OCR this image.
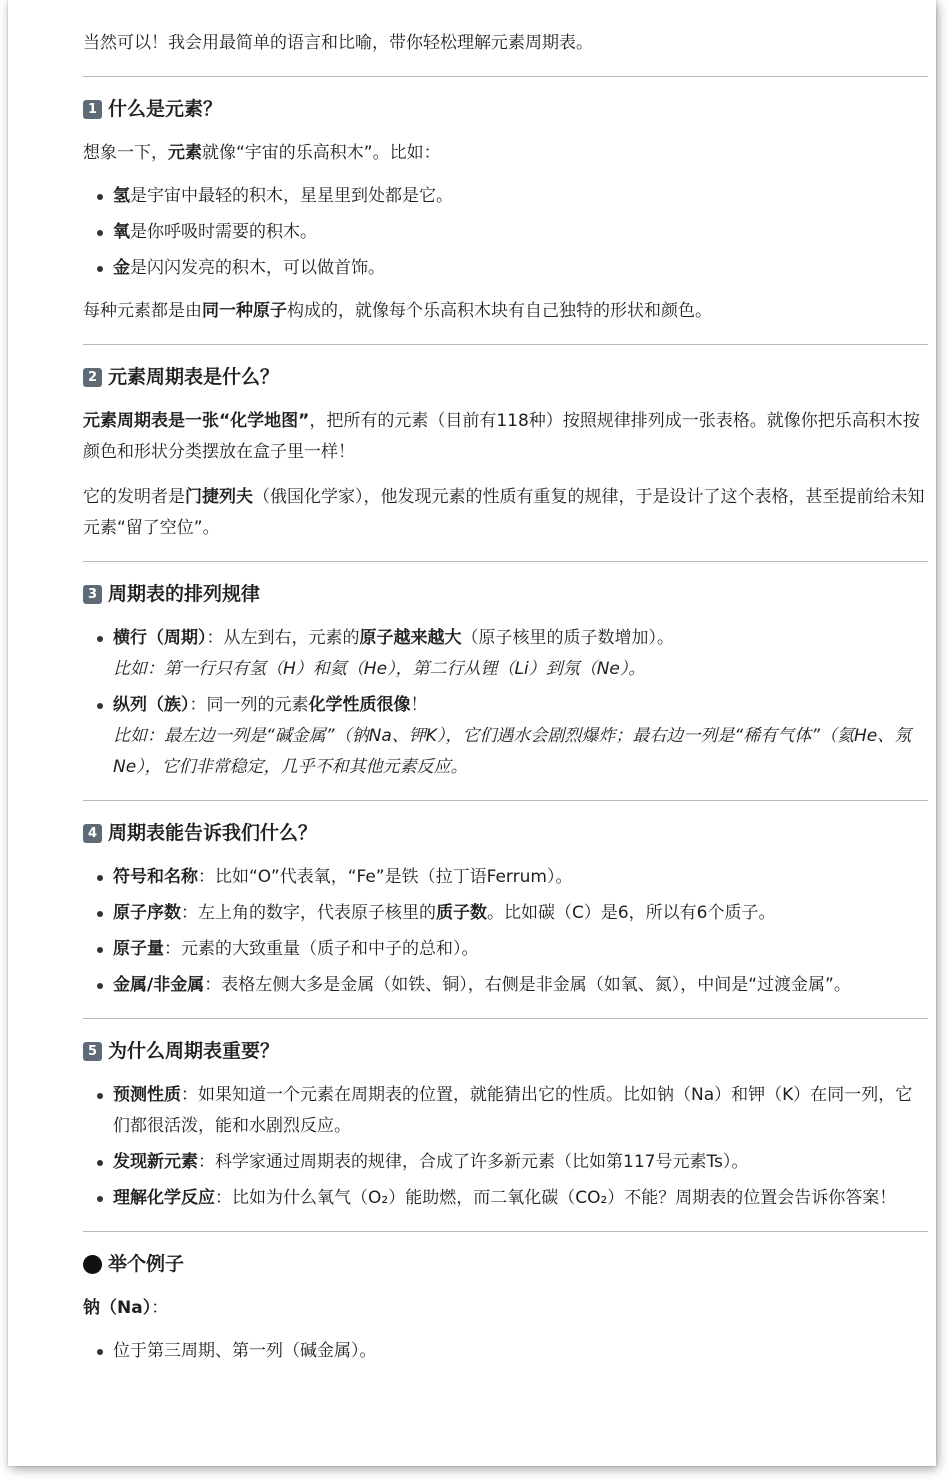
当然可以！我会用最简单的语言和比喻，带你轻松理解元素周期表。

1 什么是元素？

想象一下，元素就像“宇宙的乐高积木”。比如：

氢是宇宙中最轻的积木，星星里到处都是它。
氧是你呼吸时需要的积木。
金是闪闪发亮的积木，可以做首饰。

每种元素都是由同一种原子构成的，就像每个乐高积木块有自己独特的形状和颜色。

2 元素周期表是什么？

元素周期表是一张“化学地图”，把所有的元素（目前有118种）按照规律排列成一张表格。就像你把乐高积木按颜色和形状分类摆放在盒子里一样！

它的发明者是门捷列夫（俄国化学家），他发现元素的性质有重复的规律，于是设计了这个表格，甚至提前给未知元素“留了空位”。

3 周期表的排列规律
横行（周期）：从左到右，元素的原子越来越大（原子核里的质子数增加）。
比如：第一行只有氢（H）和氦（He），第二行从锂（Li）到氖（Ne）。
纵列（族）：同一列的元素化学性质很像！
比如：最左边一列是“碱金属”（钠Na、钾K），它们遇水会剧烈爆炸；最右边一列是“稀有气体”（氦He、氖Ne），它们非常稳定，几乎不和其他元素反应。
4 周期表能告诉我们什么？
符号和名称：比如“O”代表氧，“Fe”是铁（拉丁语Ferrum）。
原子序数：左上角的数字，代表原子核里的质子数。比如碳（C）是6，所以有6个质子。
原子量：元素的大致重量（质子和中子的总和）。
金属/非金属：表格左侧大多是金属（如铁、铜），右侧是非金属（如氧、氮），中间是“过渡金属”。
5 为什么周期表重要？
预测性质：如果知道一个元素在周期表的位置，就能猜出它的性质。比如钠（Na）和钾（K）在同一列，它们都很活泼，能和水剧烈反应。
发现新元素：科学家通过周期表的规律，合成了许多新元素（比如第117号元素Ts）。
理解化学反应：比如为什么氧气（O₂）能助燃，而二氧化碳（CO₂）不能？周期表的位置会告诉你答案！
举个例子

钠（Na）：

位于第三周期、第一列（碱金属）。
